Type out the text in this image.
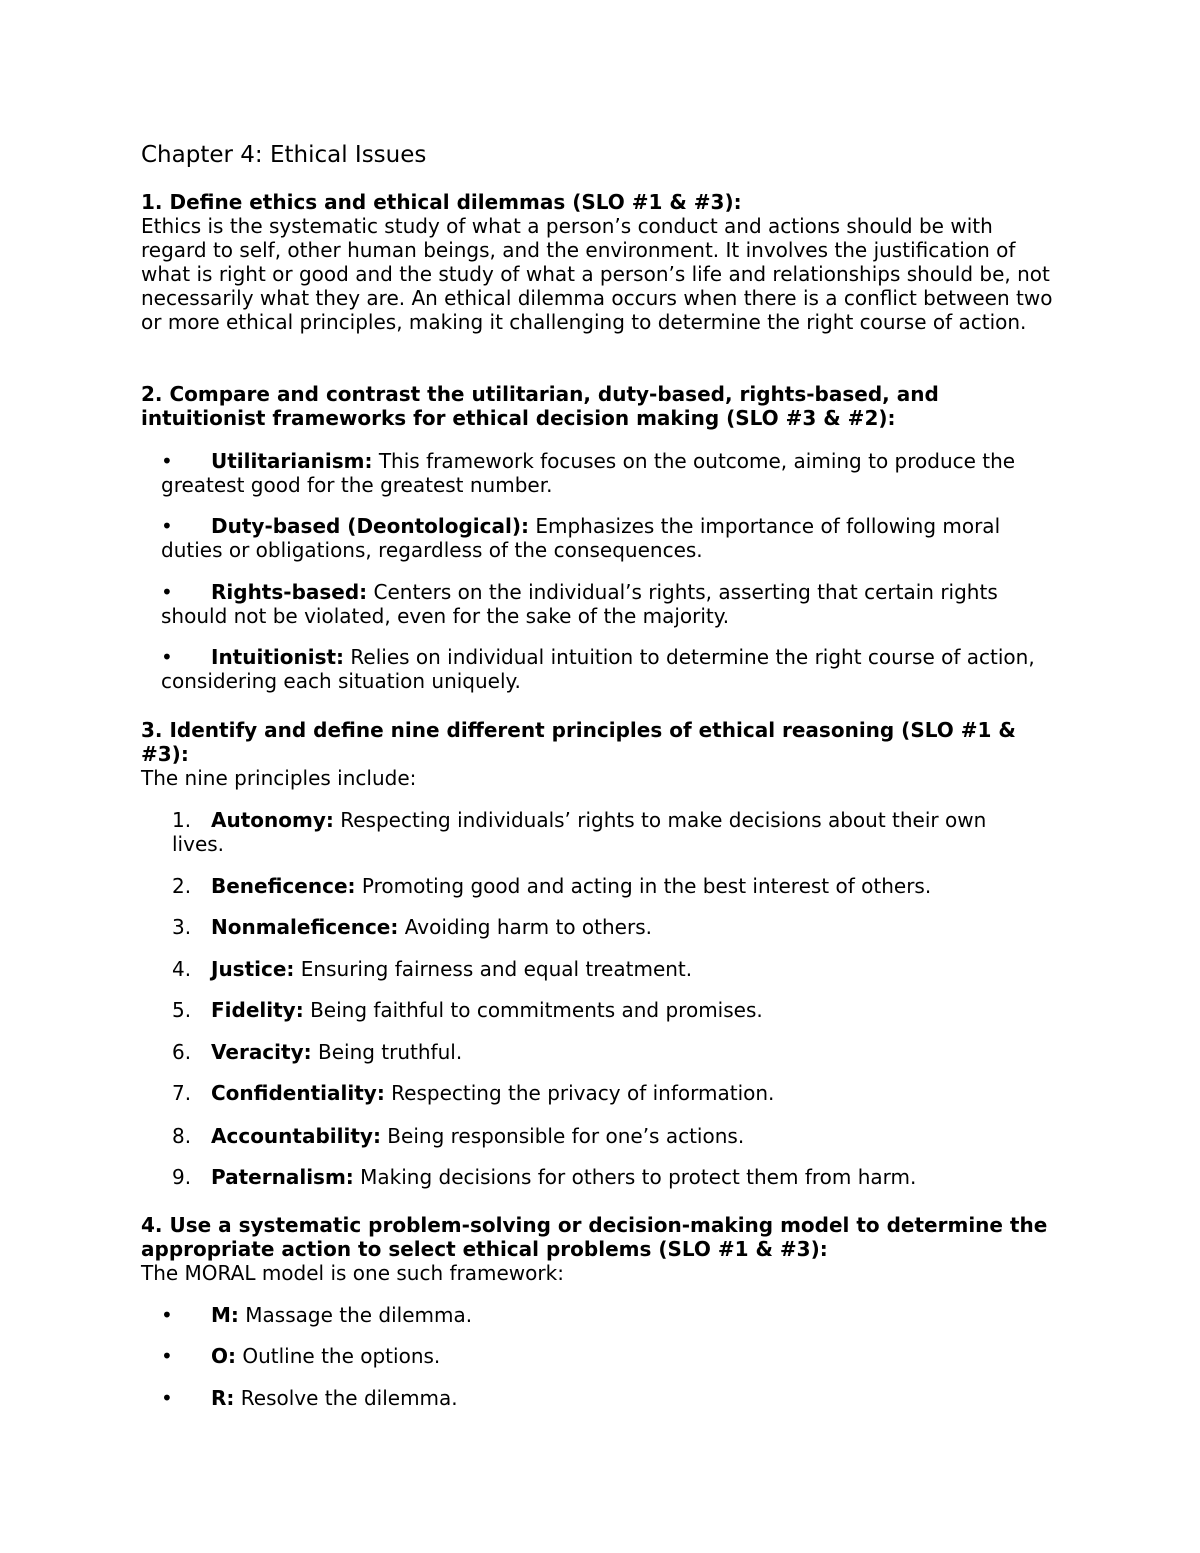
Chapter 4: Ethical Issues
1. Define ethics and ethical dilemmas (SLO #1 & #3):
Ethics is the systematic study of what a person’s conduct and actions should be with regard to self, other human beings, and the environment. It involves the justification of what is right or good and the study of what a person’s life and relationships should be, not necessarily what they are. An ethical dilemma occurs when there is a conflict between two or more ethical principles, making it challenging to determine the right course of action.
2. Compare and contrast the utilitarian, duty-based, rights-based, and intuitionist frameworks for ethical decision making (SLO #3 & #2):
• Utilitarianism: This framework focuses on the outcome, aiming to produce the greatest good for the greatest number.
• Duty-based (Deontological): Emphasizes the importance of following moral duties or obligations, regardless of the consequences.
• Rights-based: Centers on the individual’s rights, asserting that certain rights should not be violated, even for the sake of the majority.
• Intuitionist: Relies on individual intuition to determine the right course of action, considering each situation uniquely.
3. Identify and define nine different principles of ethical reasoning (SLO #1 & #3):
The nine principles include:
1. Autonomy: Respecting individuals’ rights to make decisions about their own lives.
2. Beneficence: Promoting good and acting in the best interest of others.
3. Nonmaleficence: Avoiding harm to others.
4. Justice: Ensuring fairness and equal treatment.
5. Fidelity: Being faithful to commitments and promises.
6. Veracity: Being truthful.
7. Confidentiality: Respecting the privacy of information.
8. Accountability: Being responsible for one’s actions.
9. Paternalism: Making decisions for others to protect them from harm.
4. Use a systematic problem-solving or decision-making model to determine the appropriate action to select ethical problems (SLO #1 & #3):
The MORAL model is one such framework:
• M: Massage the dilemma.
• O: Outline the options.
• R: Resolve the dilemma.
